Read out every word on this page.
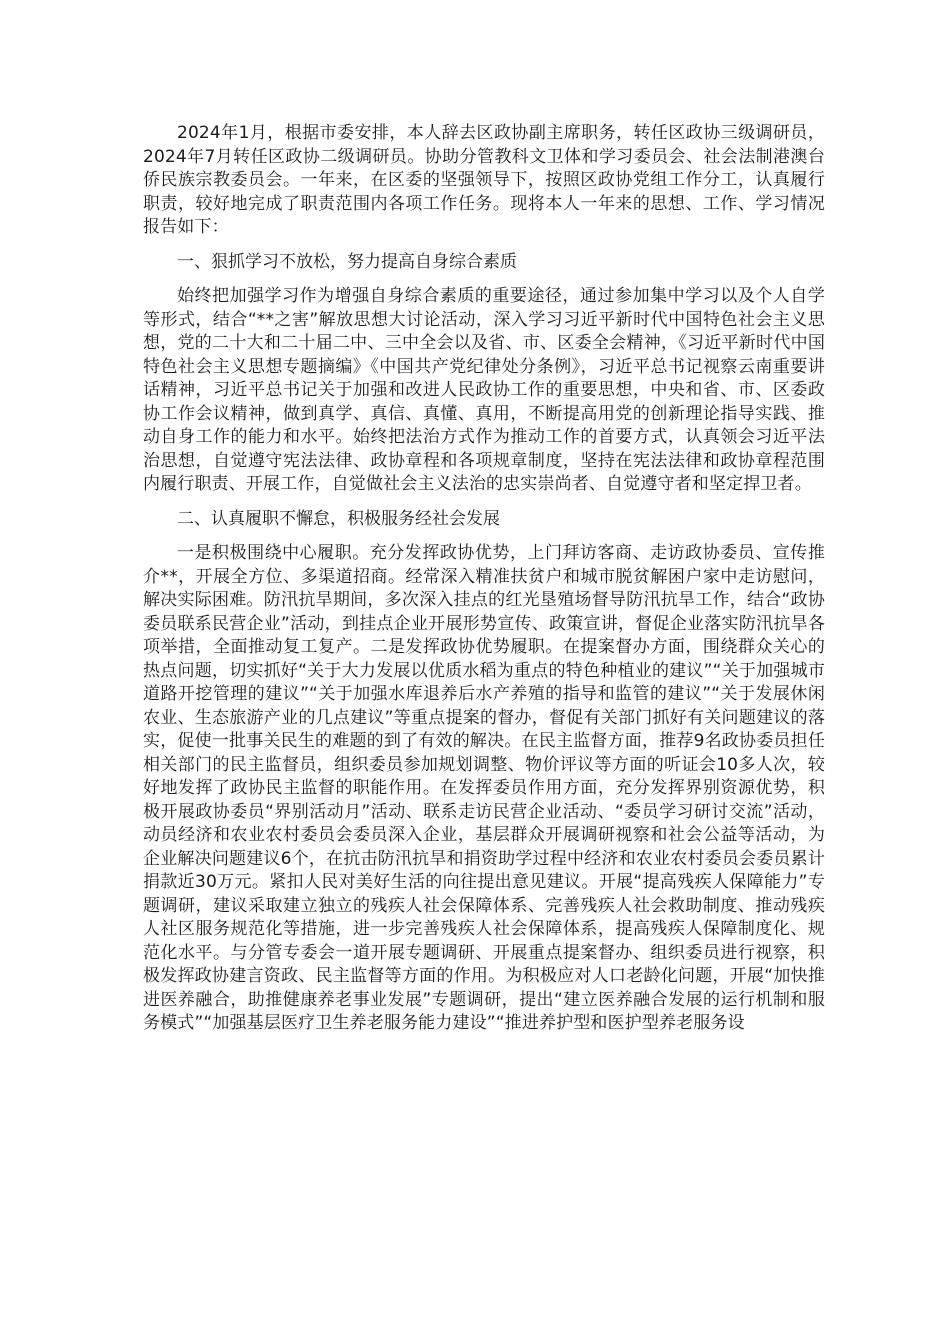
2024年1月，根据市委安排，本人辞去区政协副主席职务，转任区政协三级调研员，2024年7月转任区政协二级调研员。协助分管教科文卫体和学习委员会、社会法制港澳台侨民族宗教委员会。一年来，在区委的坚强领导下，按照区政协党组工作分工，认真履行职责，较好地完成了职责范围内各项工作任务。现将本人一年来的思想、工作、学习情况报告如下：

一、狠抓学习不放松，努力提高自身综合素质

始终把加强学习作为增强自身综合素质的重要途径，通过参加集中学习以及个人自学等形式，结合“**之害”解放思想大讨论活动，深入学习习近平新时代中国特色社会主义思想，党的二十大和二十届二中、三中全会以及省、市、区委全会精神，《习近平新时代中国特色社会主义思想专题摘编》《中国共产党纪律处分条例》，习近平总书记视察云南重要讲话精神，习近平总书记关于加强和改进人民政协工作的重要思想，中央和省、市、区委政协工作会议精神，做到真学、真信、真懂、真用，不断提高用党的创新理论指导实践、推动自身工作的能力和水平。始终把法治方式作为推动工作的首要方式，认真领会习近平法治思想，自觉遵守宪法法律、政协章程和各项规章制度，坚持在宪法法律和政协章程范围内履行职责、开展工作，自觉做社会主义法治的忠实崇尚者、自觉遵守者和坚定捍卫者。

二、认真履职不懈怠，积极服务经社会发展

一是积极围绕中心履职。充分发挥政协优势，上门拜访客商、走访政协委员、宣传推介**，开展全方位、多渠道招商。经常深入精准扶贫户和城市脱贫解困户家中走访慰问，解决实际困难。防汛抗旱期间，多次深入挂点的红光垦殖场督导防汛抗旱工作，结合“政协委员联系民营企业”活动，到挂点企业开展形势宣传、政策宣讲，督促企业落实防汛抗旱各项举措，全面推动复工复产。二是发挥政协优势履职。在提案督办方面，围绕群众关心的热点问题，切实抓好“关于大力发展以优质水稻为重点的特色种植业的建议”“关于加强城市道路开挖管理的建议”“关于加强水库退养后水产养殖的指导和监管的建议”“关于发展休闲农业、生态旅游产业的几点建议”等重点提案的督办，督促有关部门抓好有关问题建议的落实，促使一批事关民生的难题的到了有效的解决。在民主监督方面，推荐9名政协委员担任相关部门的民主监督员，组织委员参加规划调整、物价评议等方面的听证会10多人次，较好地发挥了政协民主监督的职能作用。在发挥委员作用方面，充分发挥界别资源优势，积极开展政协委员“界别活动月”活动、联系走访民营企业活动、“委员学习研讨交流”活动，动员经济和农业农村委员会委员深入企业，基层群众开展调研视察和社会公益等活动，为企业解决问题建议6个，在抗击防汛抗旱和捐资助学过程中经济和农业农村委员会委员累计捐款近30万元。紧扣人民对美好生活的向往提出意见建议。开展“提高残疾人保障能力”专题调研，建议采取建立独立的残疾人社会保障体系、完善残疾人社会救助制度、推动残疾人社区服务规范化等措施，进一步完善残疾人社会保障体系，提高残疾人保障制度化、规范化水平。与分管专委会一道开展专题调研、开展重点提案督办、组织委员进行视察，积极发挥政协建言资政、民主监督等方面的作用。为积极应对人口老龄化问题，开展“加快推进医养融合，助推健康养老事业发展”专题调研，提出“建立医养融合发展的运行机制和服务模式”“加强基层医疗卫生养老服务能力建设”“推进养护型和医护型养老服务设
